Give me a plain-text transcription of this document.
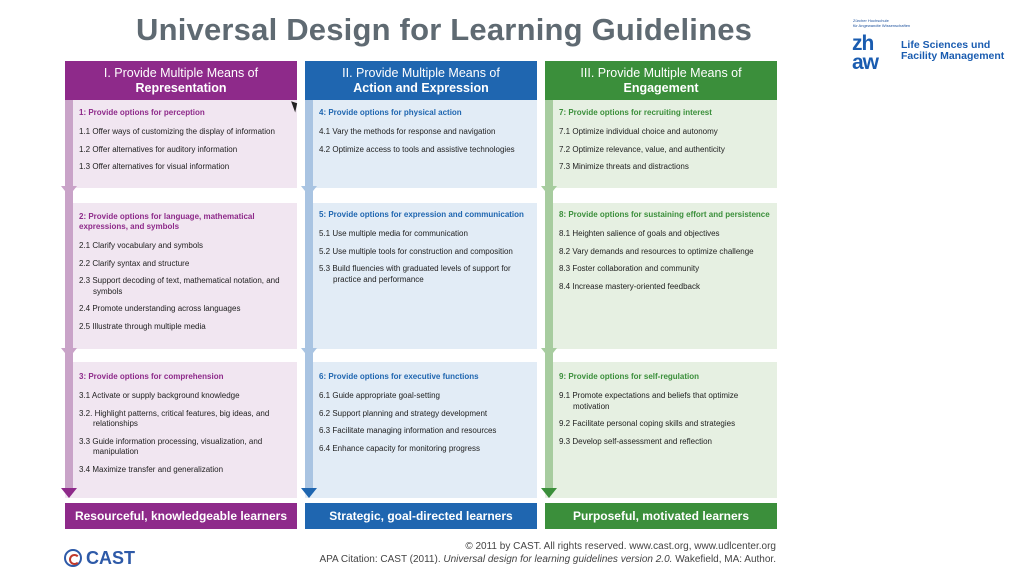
Universal Design for Learning Guidelines	Zürcher Hochschule
für Angewandte Wissenschaften
zh
aw
Life Sciences und
Facility Management
I. Provide Multiple Means of
Representation
II. Provide Multiple Means of
Action and Expression
III. Provide Multiple Means of
Engagement
1: Provide options for perception
1.1 Offer ways of customizing the display of information
1.2 Offer alternatives for auditory information
1.3 Offer alternatives for visual information
2: Provide options for language, mathematical expressions, and symbols
2.1 Clarify vocabulary and symbols
2.2 Clarify syntax and structure
2.3 Support decoding of text, mathematical notation, and symbols
2.4 Promote understanding across languages
2.5 Illustrate through multiple media
3: Provide options for comprehension
3.1 Activate or supply background knowledge
3.2. Highlight patterns, critical features, big ideas, and relationships
3.3 Guide information processing, visualization, and manipulation
3.4 Maximize transfer and generalization
4: Provide options for physical action
4.1 Vary the methods for response and navigation
4.2 Optimize access to tools and assistive technologies
5: Provide options for expression and communication
5.1 Use multiple media for communication
5.2 Use multiple tools for construction and composition
5.3 Build fluencies with graduated levels of support for practice and performance
6: Provide options for executive functions
6.1 Guide appropriate goal-setting
6.2 Support planning and strategy development
6.3 Facilitate managing information and resources
6.4 Enhance capacity for monitoring progress
7: Provide options for recruiting interest
7.1 Optimize individual choice and autonomy
7.2 Optimize relevance, value, and authenticity
7.3 Minimize threats and distractions
8: Provide options for sustaining effort and persistence
8.1 Heighten salience of goals and objectives
8.2 Vary demands and resources to optimize challenge
8.3 Foster collaboration and community
8.4 Increase mastery-oriented feedback
9: Provide options for self-regulation
9.1 Promote expectations and beliefs that optimize motivation
9.2 Facilitate personal coping skills and strategies
9.3 Develop self-assessment and reflection
Resourceful, knowledgeable learners	Strategic, goal-directed learners	Purposeful, motivated learners
CAST
© 2011 by CAST. All rights reserved. www.cast.org, www.udlcenter.org
APA Citation: CAST (2011). Universal design for learning guidelines version 2.0. Wakefield, MA: Author.
